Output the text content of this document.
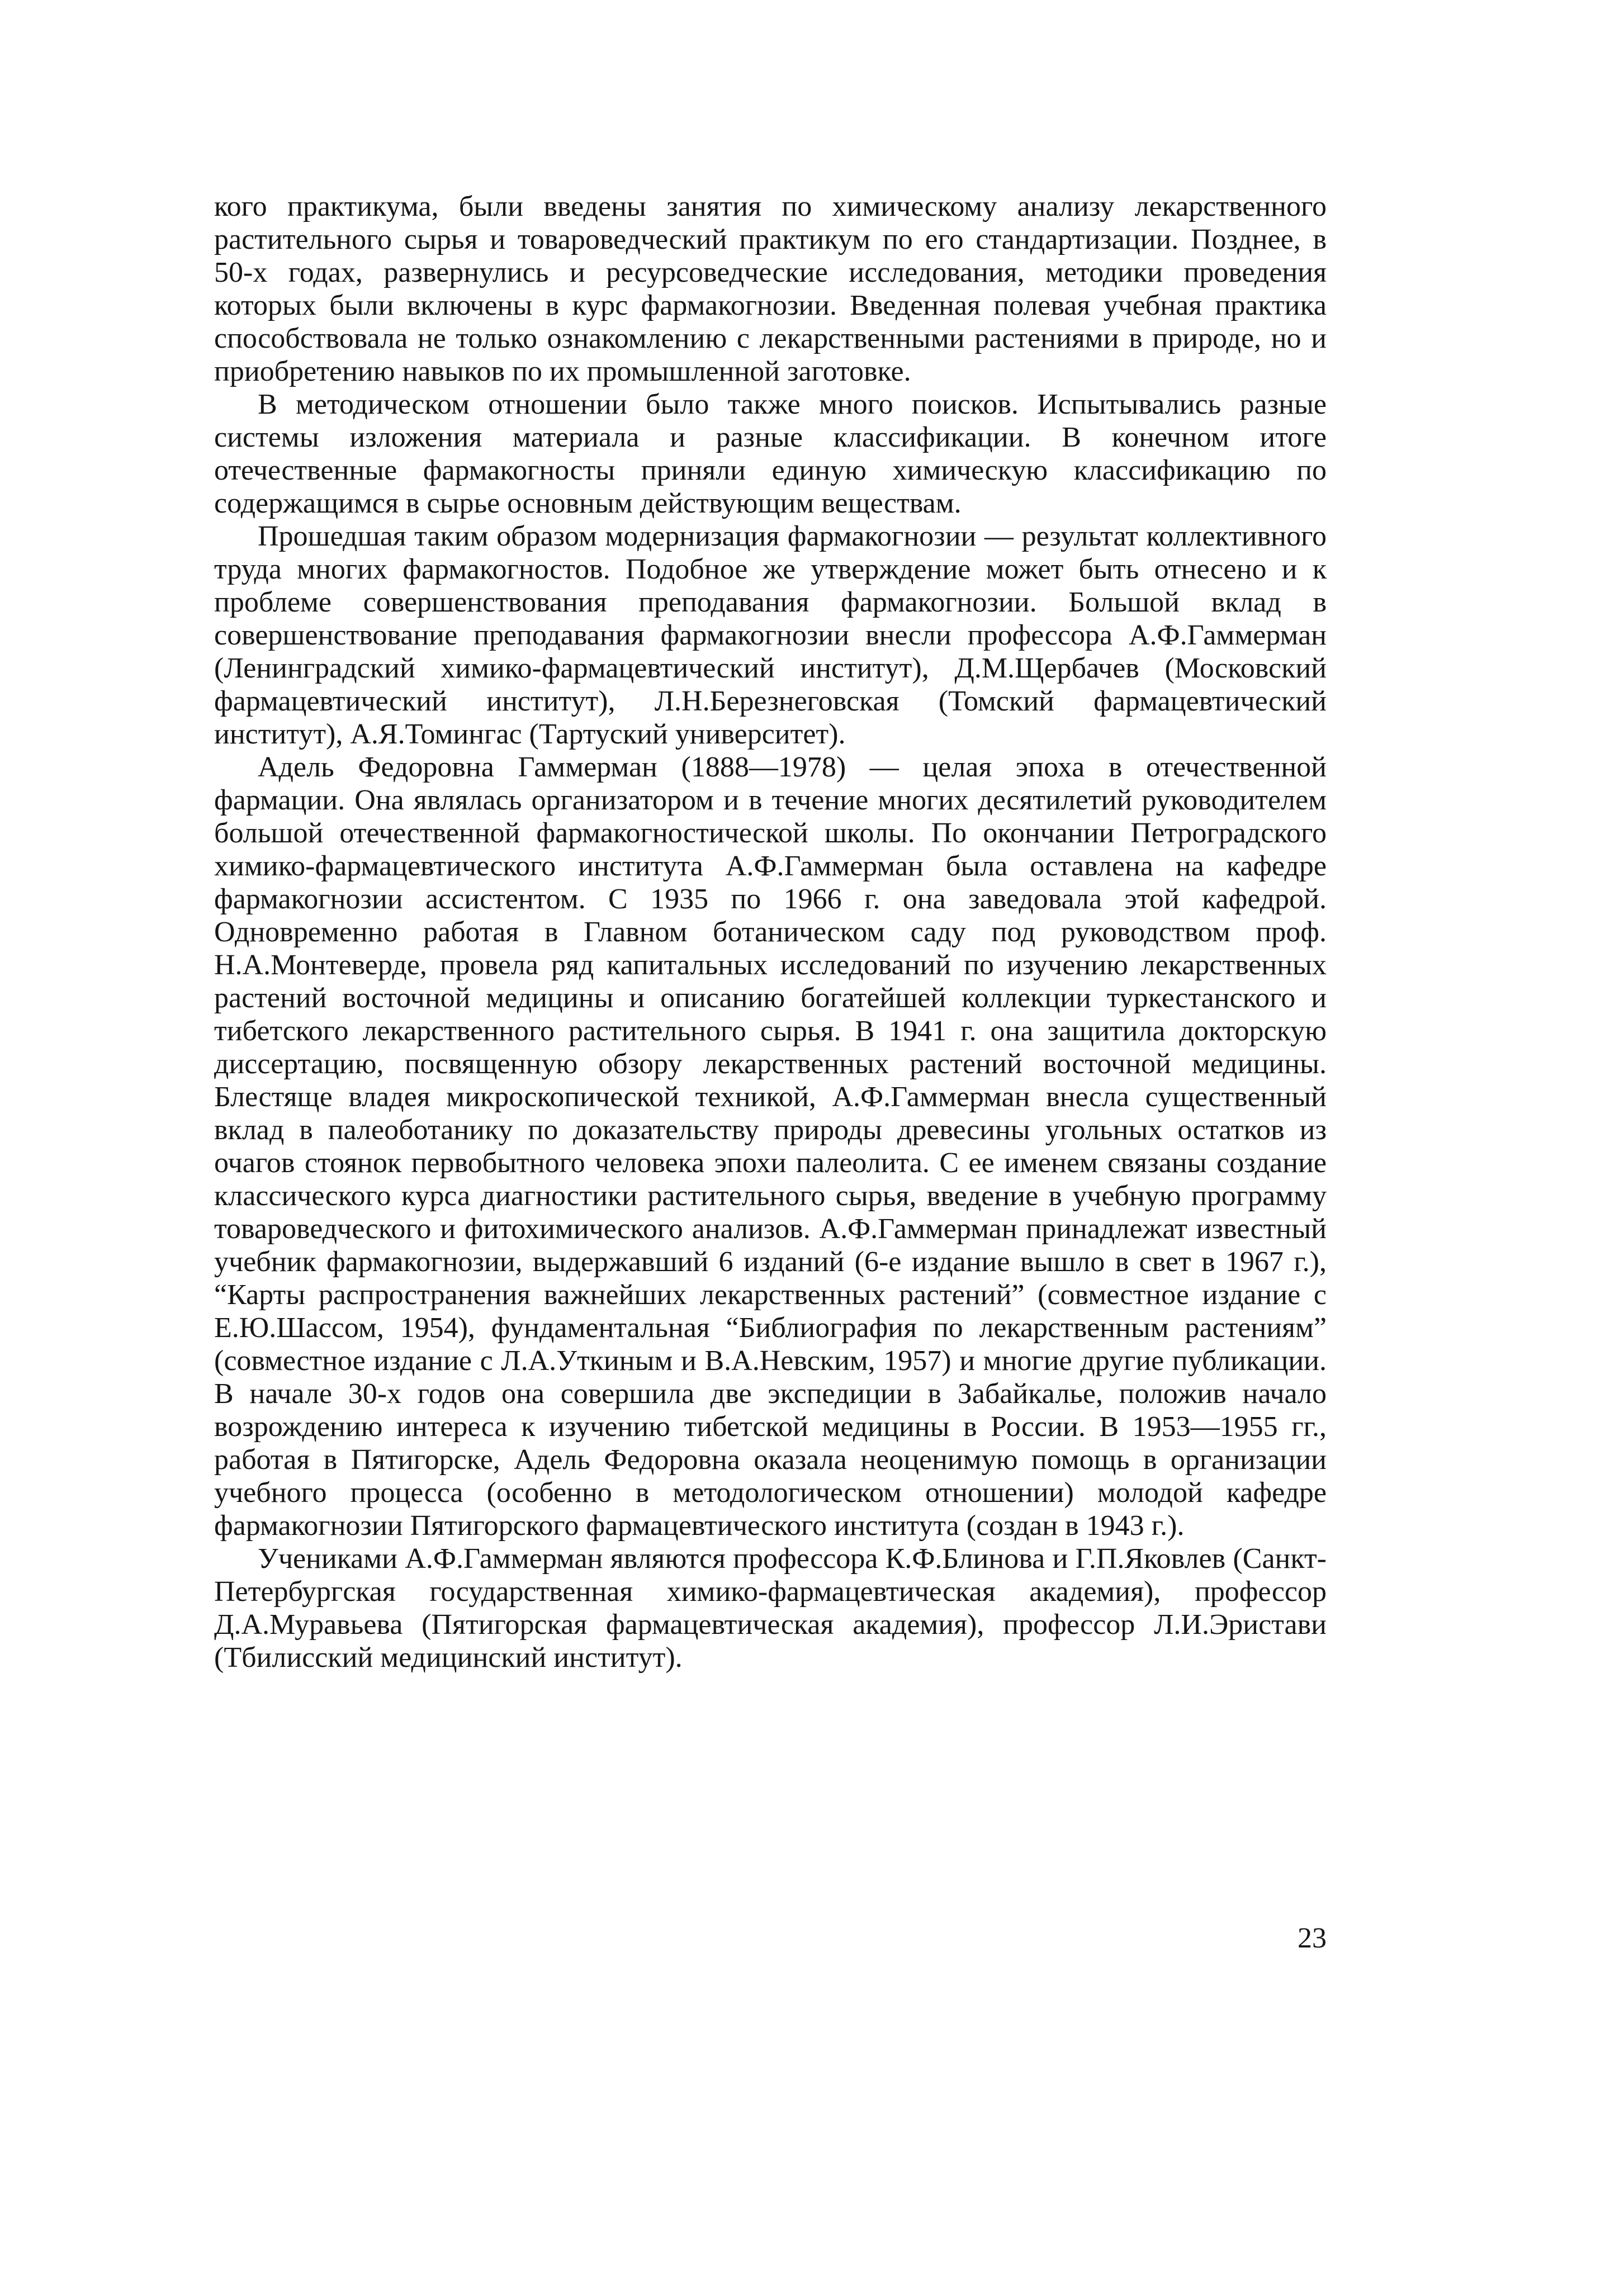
кого практикума, были введены занятия по химическому анализу лекарственного растительного сырья и товароведческий практикум по его стандартизации. Позднее, в 50-х годах, развернулись и ресурсоведческие исследования, методики проведения которых были включены в курс фармакогнозии. Введенная полевая учебная практика способствовала не только ознакомлению с лекарственными растениями в природе, но и приобретению навыков по их промышленной заготовке.

В методическом отношении было также много поисков. Испытывались разные системы изложения материала и разные классификации. В конечном итоге отечественные фармакогносты приняли единую химическую классификацию по содержащимся в сырье основным действующим веществам.

Прошедшая таким образом модернизация фармакогнозии — результат коллективного труда многих фармакогностов. Подобное же утверждение может быть отнесено и к проблеме совершенствования преподавания фармакогнозии. Большой вклад в совершенствование преподавания фармакогнозии внесли профессора А.Ф.Гаммерман (Ленинградский химико-фармацевтический институт), Д.М.Щербачев (Московский фармацевтический институт), Л.Н.Березнеговская (Томский фармацевтический институт), А.Я.Томингас (Тартуский университет).

Адель Федоровна Гаммерман (1888—1978) — целая эпоха в отечественной фармации. Она являлась организатором и в течение многих десятилетий руководителем большой отечественной фармакогностической школы. По окончании Петроградского химико-фармацевтического института А.Ф.Гаммерман была оставлена на кафедре фармакогнозии ассистентом. С 1935 по 1966 г. она заведовала этой кафедрой. Одновременно работая в Главном ботаническом саду под руководством проф. Н.А.Монтеверде, провела ряд капитальных исследований по изучению лекарственных растений восточной медицины и описанию богатейшей коллекции туркестанского и тибетского лекарственного растительного сырья. В 1941 г. она защитила докторскую диссертацию, посвященную обзору лекарственных растений восточной медицины. Блестяще владея микроскопической техникой, А.Ф.Гаммерман внесла существенный вклад в палеоботанику по доказательству природы древесины угольных остатков из очагов стоянок первобытного человека эпохи палеолита. С ее именем связаны создание классического курса диагностики растительного сырья, введение в учебную программу товароведческого и фитохимического анализов. А.Ф.Гаммерман принадлежат известный учебник фармакогнозии, выдержавший 6 изданий (6-е издание вышло в свет в 1967 г.), “Карты распространения важнейших лекарственных растений” (совместное издание с Е.Ю.Шассом, 1954), фундаментальная “Библиография по лекарственным растениям” (совместное издание с Л.А.Уткиным и В.А.Невским, 1957) и многие другие публикации. В начале 30-х годов она совершила две экспедиции в Забайкалье, положив начало возрождению интереса к изучению тибетской медицины в России. В 1953—1955 гг., работая в Пятигорске, Адель Федоровна оказала неоценимую помощь в организации учебного процесса (особенно в методологическом отношении) молодой кафедре фармакогнозии Пятигорского фармацевтического института (создан в 1943 г.).

Учениками А.Ф.Гаммерман являются профессора К.Ф.Блинова и Г.П.Яковлев (Санкт-Петербургская государственная химико-фармацевтическая академия), профессор Д.А.Муравьева (Пятигорская фармацевтическая академия), профессор Л.И.Эристави (Тбилисский медицинский институт).

23
